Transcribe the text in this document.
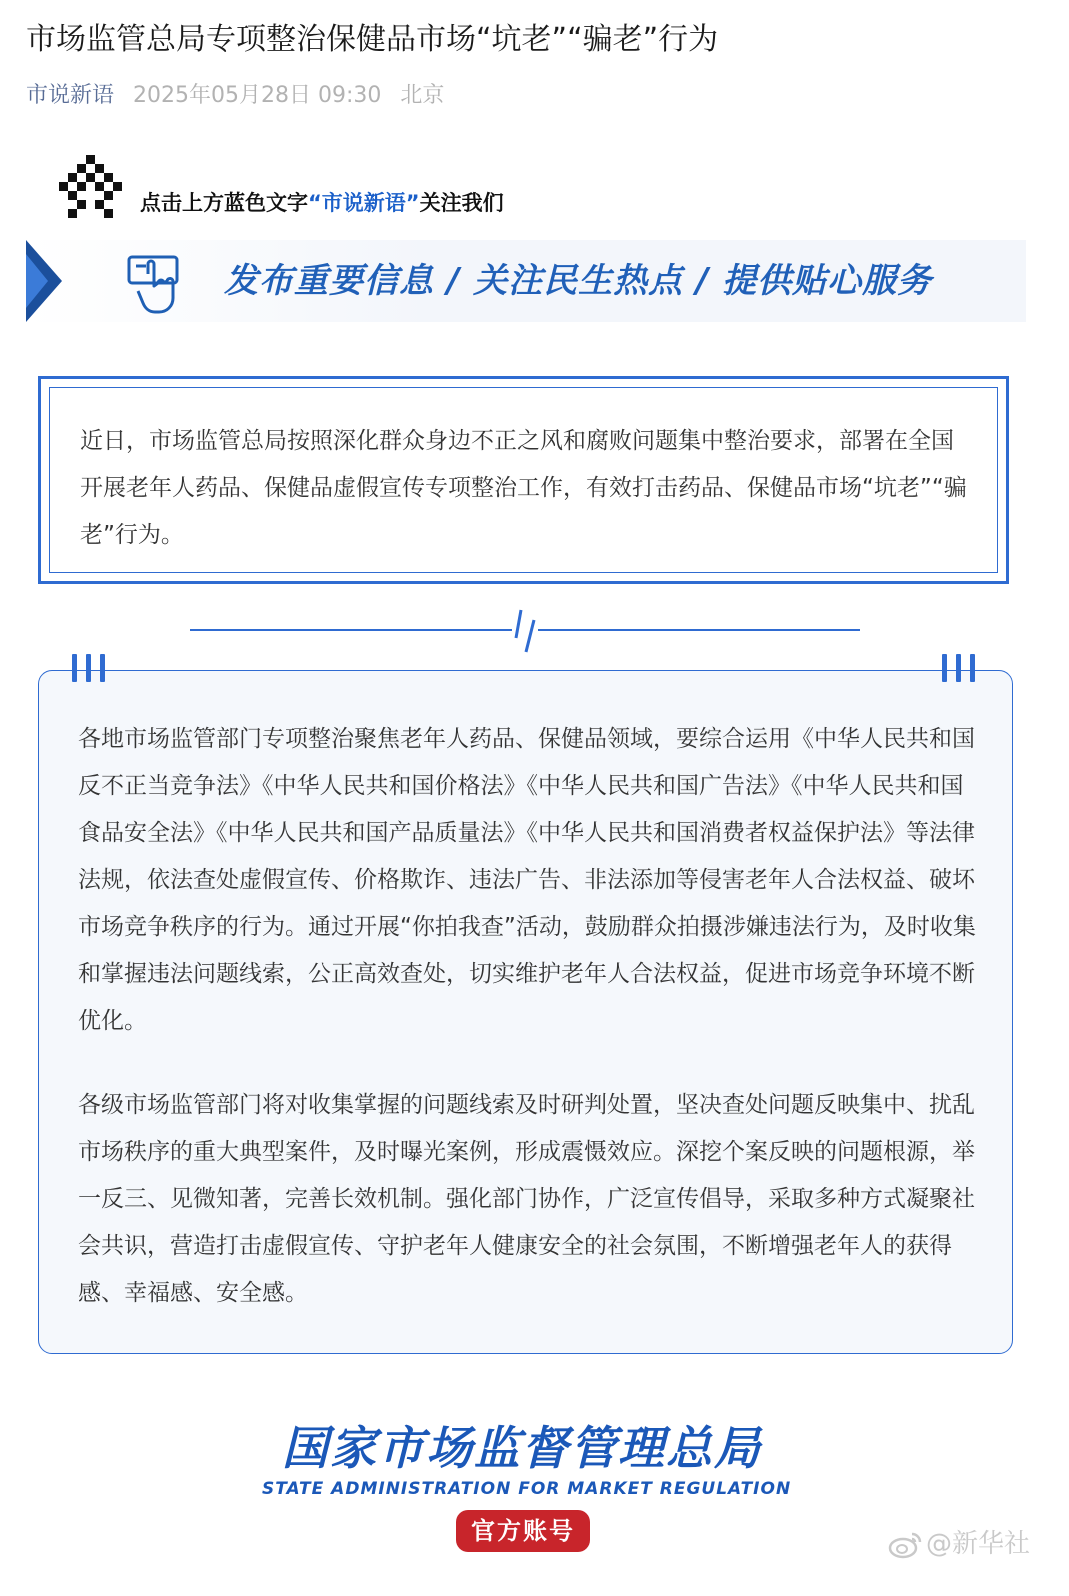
市场监管总局专项整治保健品市场“坑老”“骗老”行为
市说新语 2025年05月28日 09:30 北京
点击上方蓝色文字“市说新语”关注我们
发布重要信息 / 关注民生热点 / 提供贴心服务

近日，市场监管总局按照深化群众身边不正之风和腐败问题集中整治要求，部署在全国开展老年人药品、保健品虚假宣传专项整治工作，有效打击药品、保健品市场“坑老”“骗老”行为。

各地市场监管部门专项整治聚焦老年人药品、保健品领域，要综合运用《中华人民共和国反不正当竞争法》《中华人民共和国价格法》《中华人民共和国广告法》《中华人民共和国食品安全法》《中华人民共和国产品质量法》《中华人民共和国消费者权益保护法》等法律法规，依法查处虚假宣传、价格欺诈、违法广告、非法添加等侵害老年人合法权益、破坏市场竞争秩序的行为。通过开展“你拍我查”活动，鼓励群众拍摄涉嫌违法行为，及时收集和掌握违法问题线索，公正高效查处，切实维护老年人合法权益，促进市场竞争环境不断优化。

各级市场监管部门将对收集掌握的问题线索及时研判处置，坚决查处问题反映集中、扰乱市场秩序的重大典型案件，及时曝光案例，形成震慑效应。深挖个案反映的问题根源，举一反三、见微知著，完善长效机制。强化部门协作，广泛宣传倡导，采取多种方式凝聚社会共识，营造打击虚假宣传、守护老年人健康安全的社会氛围，不断增强老年人的获得感、幸福感、安全感。

国家市场监督管理总局
STATE ADMINISTRATION FOR MARKET REGULATION
官方账号	@新华社
